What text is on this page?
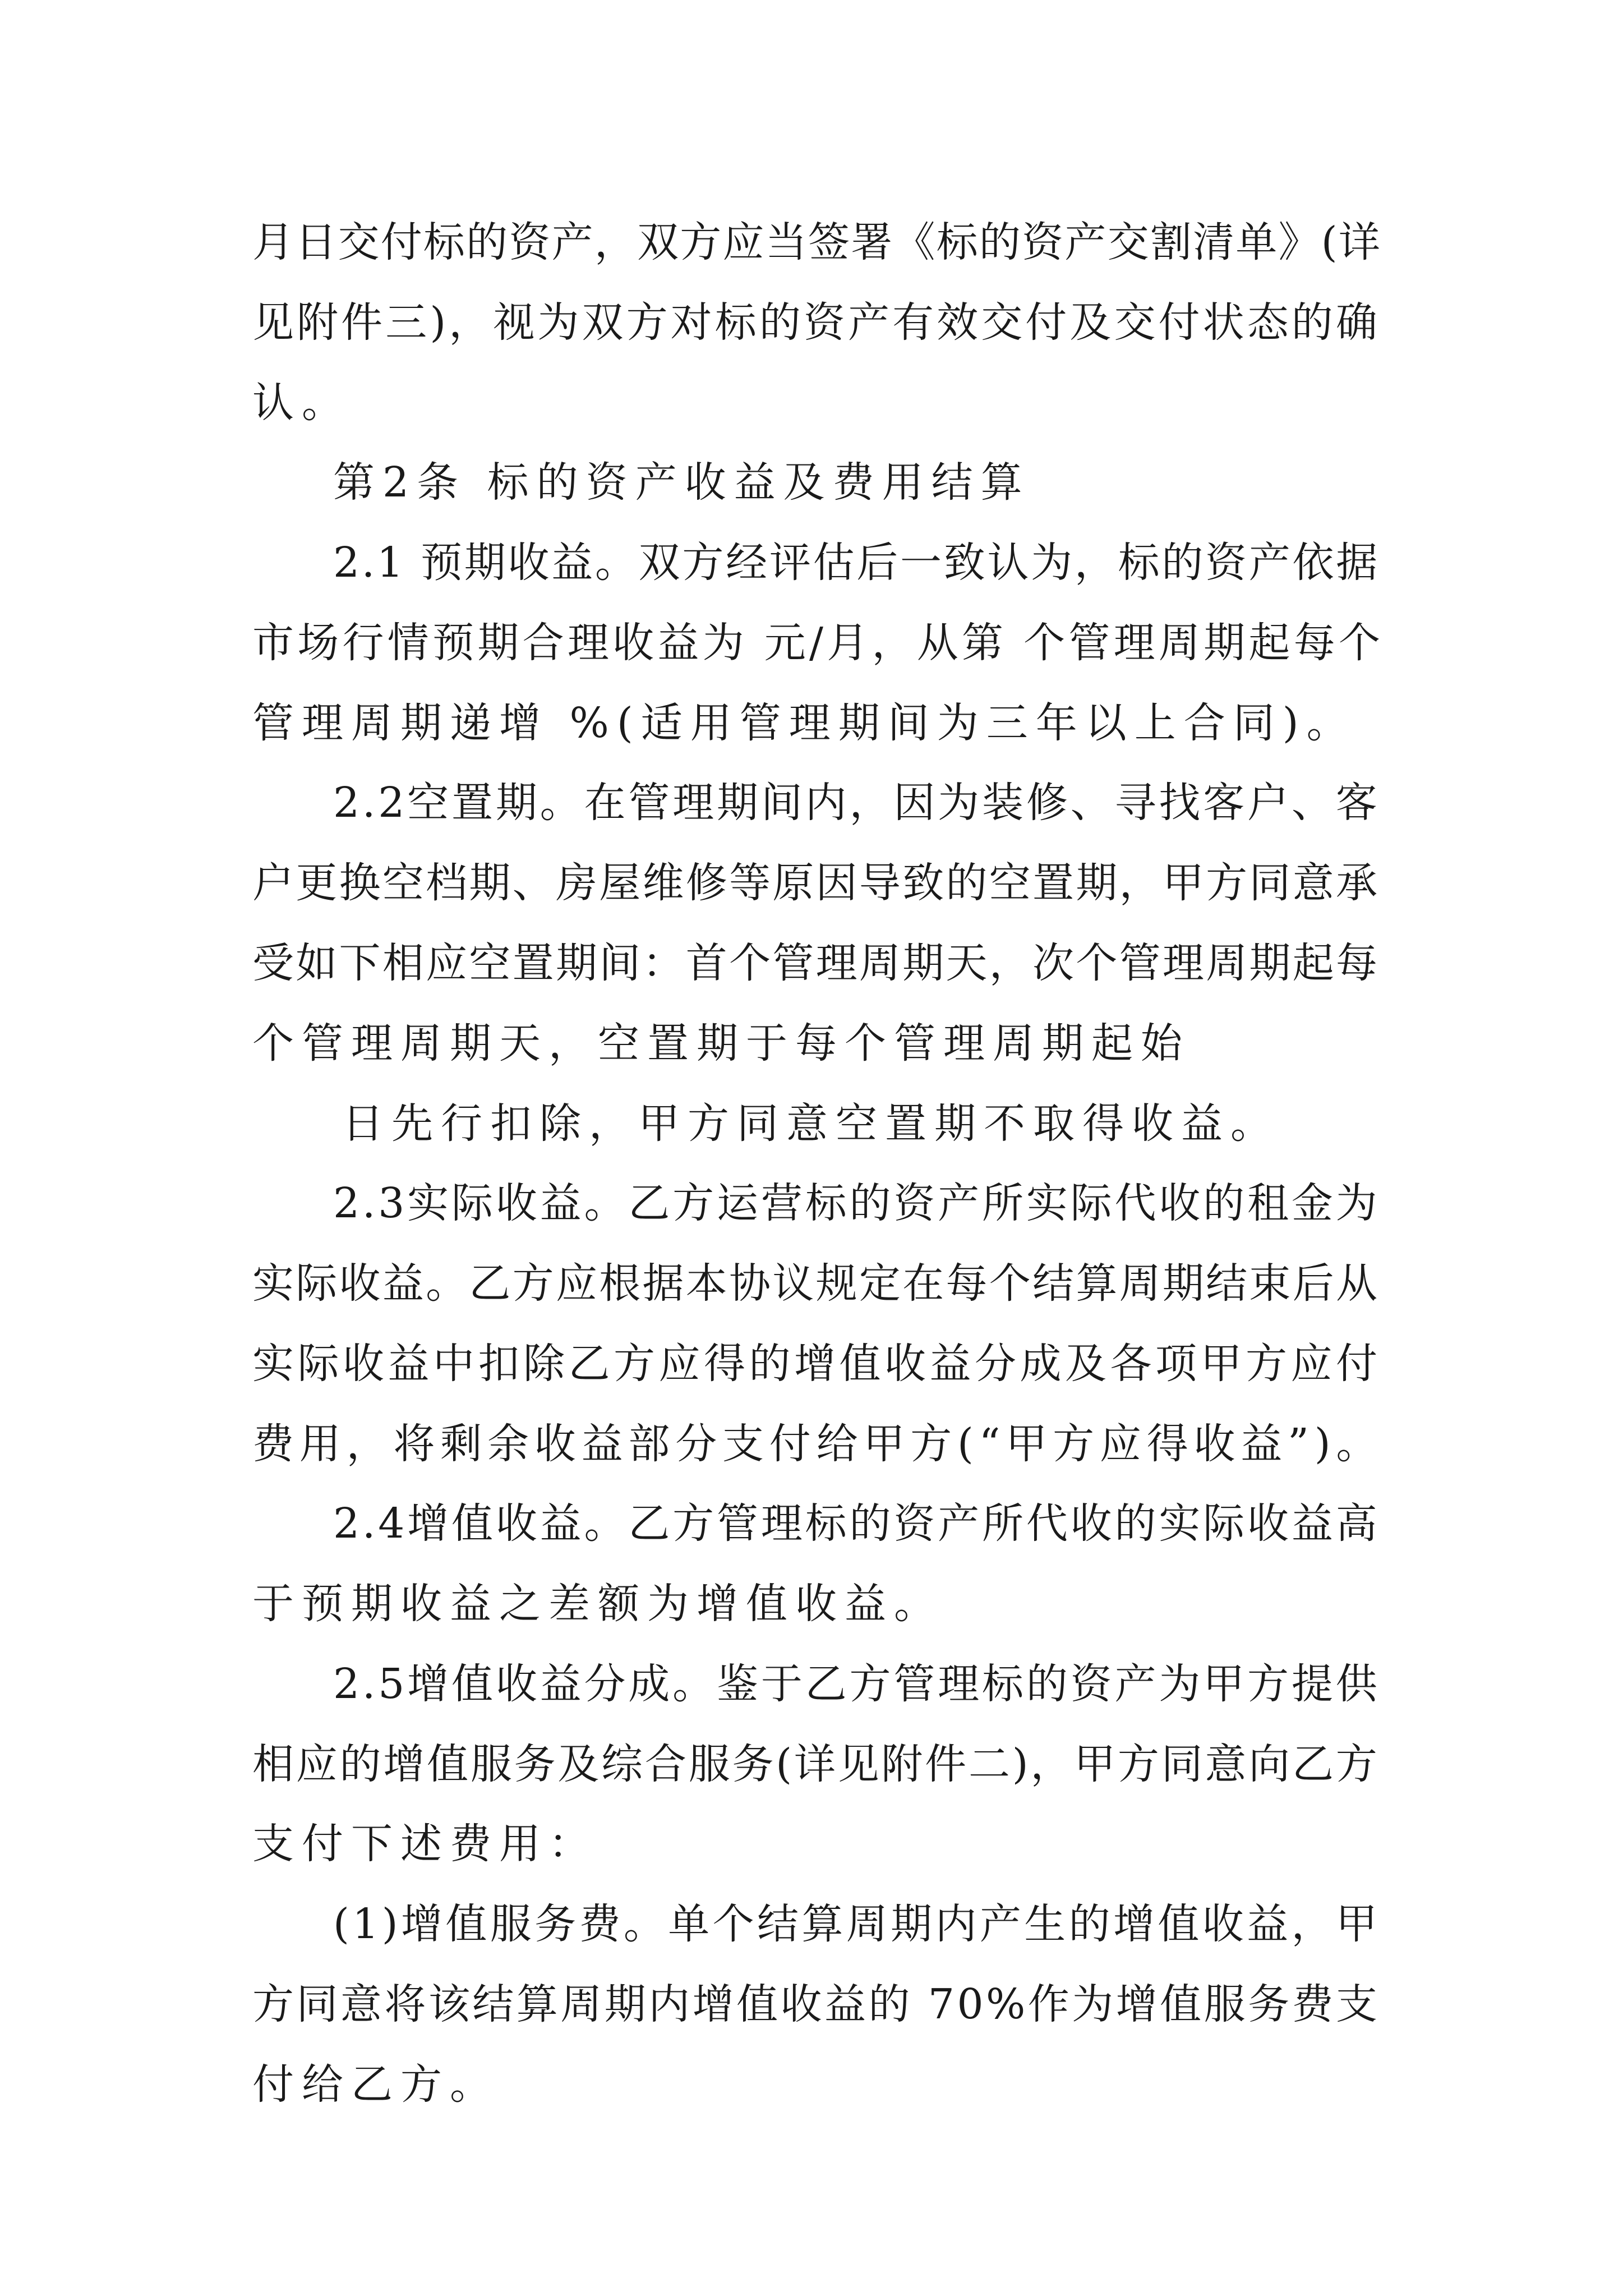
月日交付标的资产，双方应当签署《标的资产交割清单》(详
见附件三)，视为双方对标的资产有效交付及交付状态的确
认。
第2条 标的资产收益及费用结算
2.1 预期收益。双方经评估后一致认为，标的资产依据
市场行情预期合理收益为 元/月，从第 个管理周期起每个
管理周期递增 %(适用管理期间为三年以上合同)。
2.2空置期。在管理期间内，因为装修、寻找客户、客
户更换空档期、房屋维修等原因导致的空置期，甲方同意承
受如下相应空置期间：首个管理周期天，次个管理周期起每
个管理周期天，空置期于每个管理周期起始
日先行扣除，甲方同意空置期不取得收益。
2.3实际收益。乙方运营标的资产所实际代收的租金为
实际收益。乙方应根据本协议规定在每个结算周期结束后从
实际收益中扣除乙方应得的增值收益分成及各项甲方应付
费用，将剩余收益部分支付给甲方(“甲方应得收益”)。
2.4增值收益。乙方管理标的资产所代收的实际收益高
于预期收益之差额为增值收益。
2.5增值收益分成。鉴于乙方管理标的资产为甲方提供
相应的增值服务及综合服务(详见附件二)，甲方同意向乙方
支付下述费用：
(1)增值服务费。单个结算周期内产生的增值收益，甲
方同意将该结算周期内增值收益的 70%作为增值服务费支
付给乙方。
